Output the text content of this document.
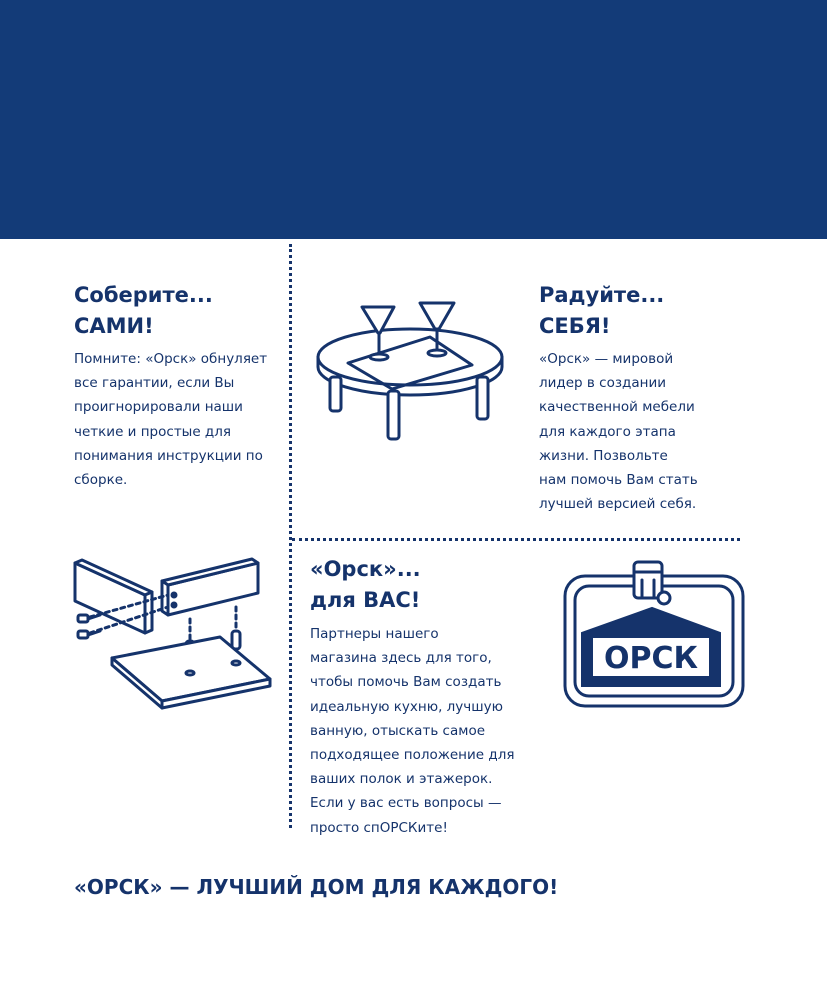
Соберите...
САМИ!
Помните: «Орск» обнуляет
все гарантии, если Вы
проигнорировали наши
четкие и простые для
понимания инструкции по
сборке.
Радуйте...
СЕБЯ!
«Орск» — мировой
лидер в создании
качественной мебели
для каждого этапа
жизни. Позвольте
нам помочь Вам стать
лучшей версией себя.
«Орск»...
для ВАС!
Партнеры нашего
магазина здесь для того,
чтобы помочь Вам создать
идеальную кухню, лучшую
ванную, отыскать самое
подходящее положение для
ваших полок и этажерок.
Если у вас есть вопросы —
просто спОРСКите!
ОРСК
«ОРСК» — ЛУЧШИЙ ДОМ ДЛЯ КАЖДОГО!
